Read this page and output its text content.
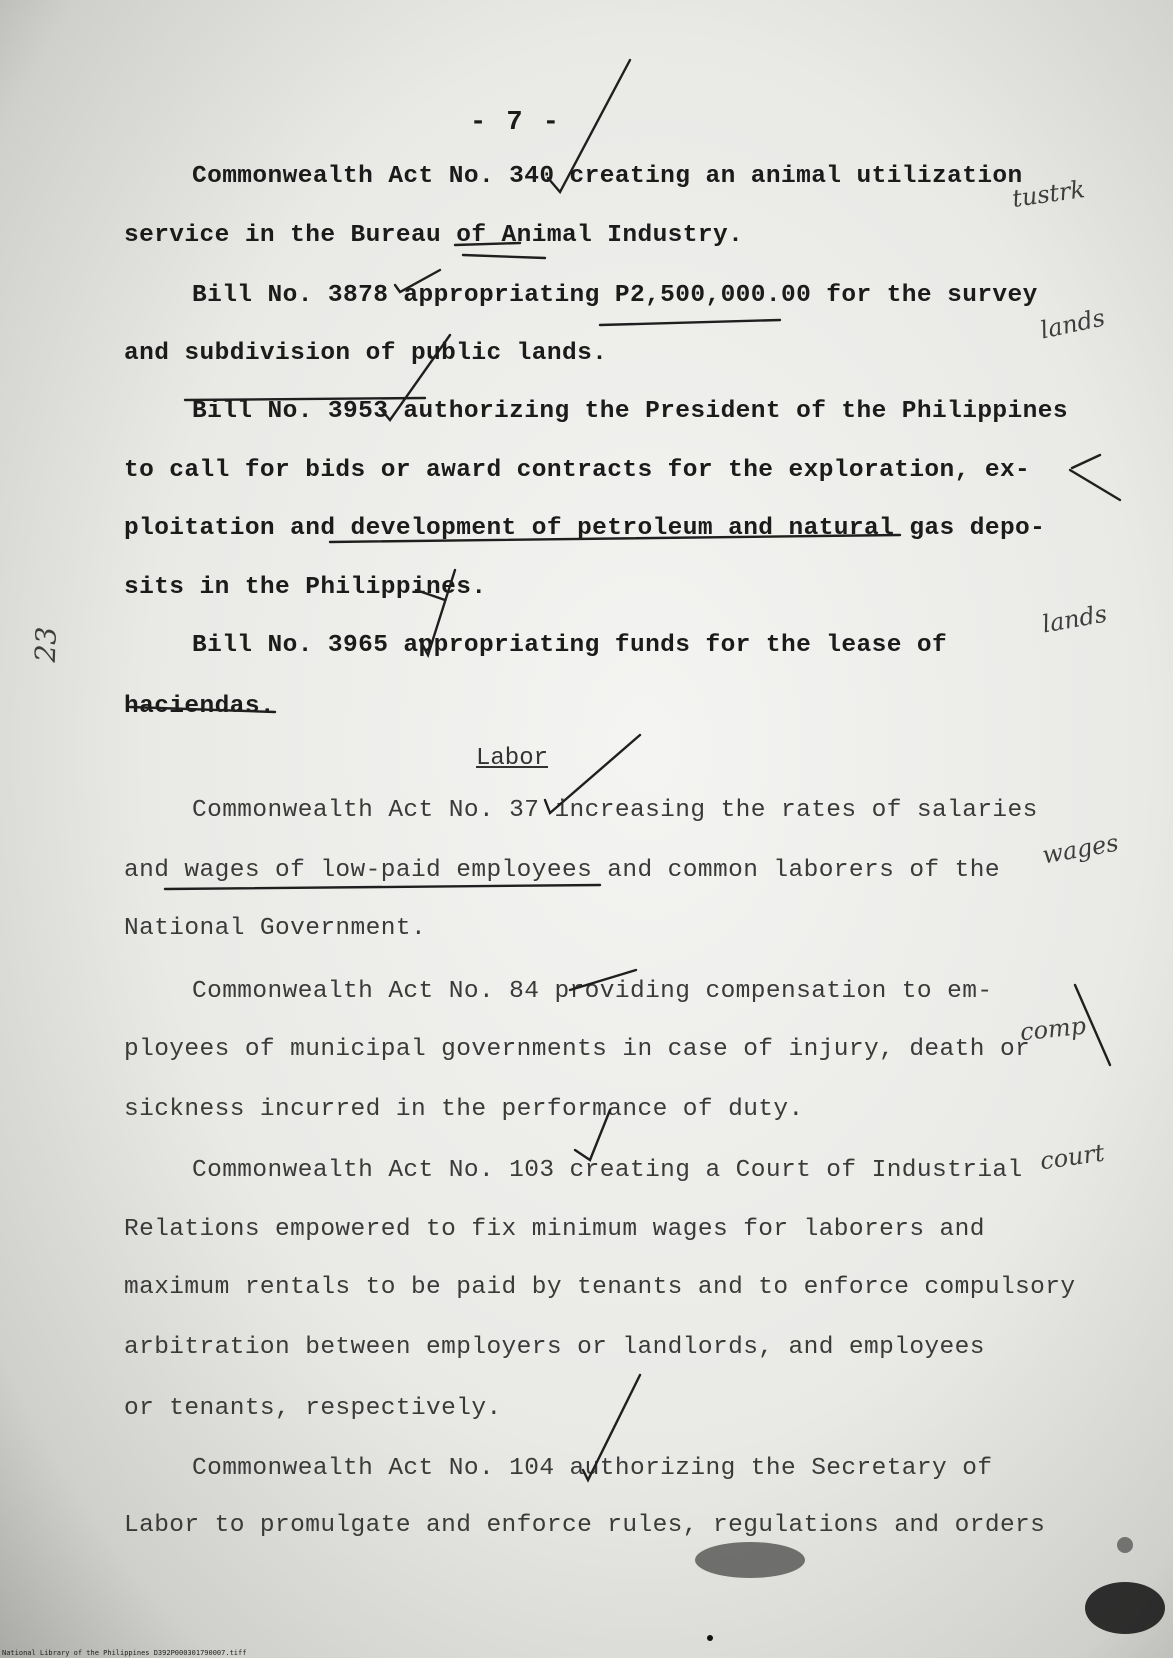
- 7 -
Commonwealth Act No. 340 creating an animal utilization
service in the Bureau of Animal Industry.
Bill No. 3878 appropriating P2,500,000.00 for the survey
and subdivision of public lands.
Bill No. 3953 authorizing the President of the Philippines
to call for bids or award contracts for the exploration, ex-
ploitation and development of petroleum and natural gas depo-
sits in the Philippines.
Bill No. 3965 appropriating funds for the lease of
haciendas.
Labor
Commonwealth Act No. 37 increasing the rates of salaries
and wages of low-paid employees and common laborers of the
National Government.
Commonwealth Act No. 84 providing compensation to em-
ployees of municipal governments in case of injury, death or
sickness incurred in the performance of duty.
Commonwealth Act No. 103 creating a Court of Industrial
Relations empowered to fix minimum wages for laborers and
maximum rentals to be paid by tenants and to enforce compulsory
arbitration between employers or landlords, and employees
or tenants, respectively.
Commonwealth Act No. 104 authorizing the Secretary of
Labor to promulgate and enforce rules, regulations and orders
tustrk
lands
lands
wages
comp
court
23
National Library of the Philippines D392P000301790007.tiff
